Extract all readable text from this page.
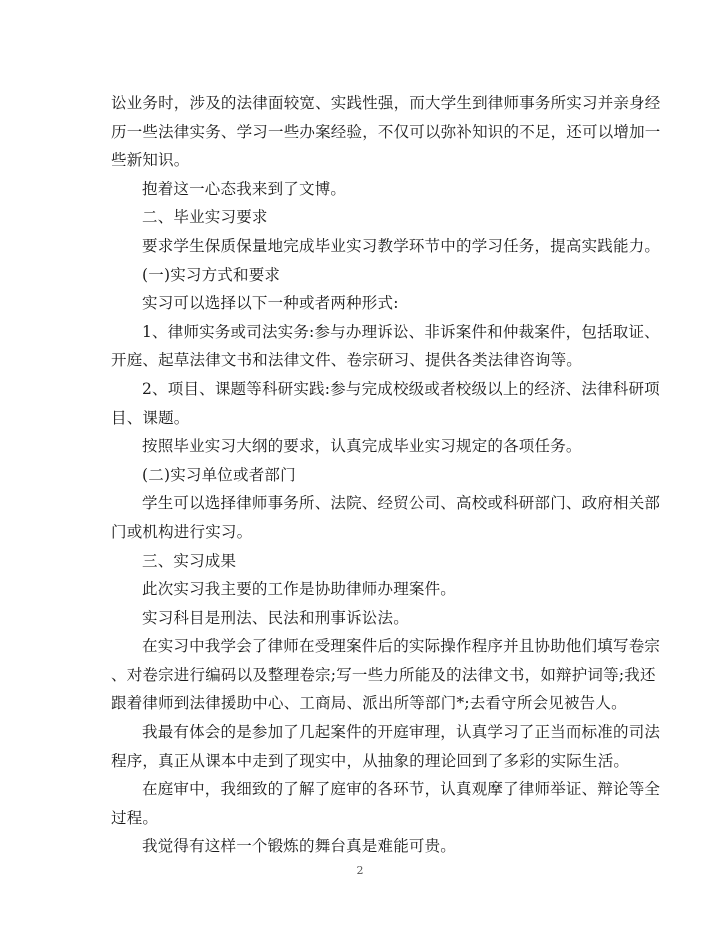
讼业务时，涉及的法律面较宽、实践性强，而大学生到律师事务所实习并亲身经
历一些法律实务、学习一些办案经验，不仅可以弥补知识的不足，还可以增加一
些新知识。
抱着这一心态我来到了文博。
二、毕业实习要求
要求学生保质保量地完成毕业实习教学环节中的学习任务，提高实践能力。
(一)实习方式和要求
实习可以选择以下一种或者两种形式:
1、律师实务或司法实务:参与办理诉讼、非诉案件和仲裁案件，包括取证、
开庭、起草法律文书和法律文件、卷宗研习、提供各类法律咨询等。
2、项目、课题等科研实践:参与完成校级或者校级以上的经济、法律科研项
目、课题。
按照毕业实习大纲的要求，认真完成毕业实习规定的各项任务。
(二)实习单位或者部门
学生可以选择律师事务所、法院、经贸公司、高校或科研部门、政府相关部
门或机构进行实习。
三、实习成果
此次实习我主要的工作是协助律师办理案件。
实习科目是刑法、民法和刑事诉讼法。
在实习中我学会了律师在受理案件后的实际操作程序并且协助他们填写卷宗
、对卷宗进行编码以及整理卷宗;写一些力所能及的法律文书，如辩护词等;我还
跟着律师到法律援助中心、工商局、派出所等部门*;去看守所会见被告人。
我最有体会的是参加了几起案件的开庭审理，认真学习了正当而标准的司法
程序，真正从课本中走到了现实中，从抽象的理论回到了多彩的实际生活。
在庭审中，我细致的了解了庭审的各环节，认真观摩了律师举证、辩论等全
过程。
我觉得有这样一个锻炼的舞台真是难能可贵。
2
